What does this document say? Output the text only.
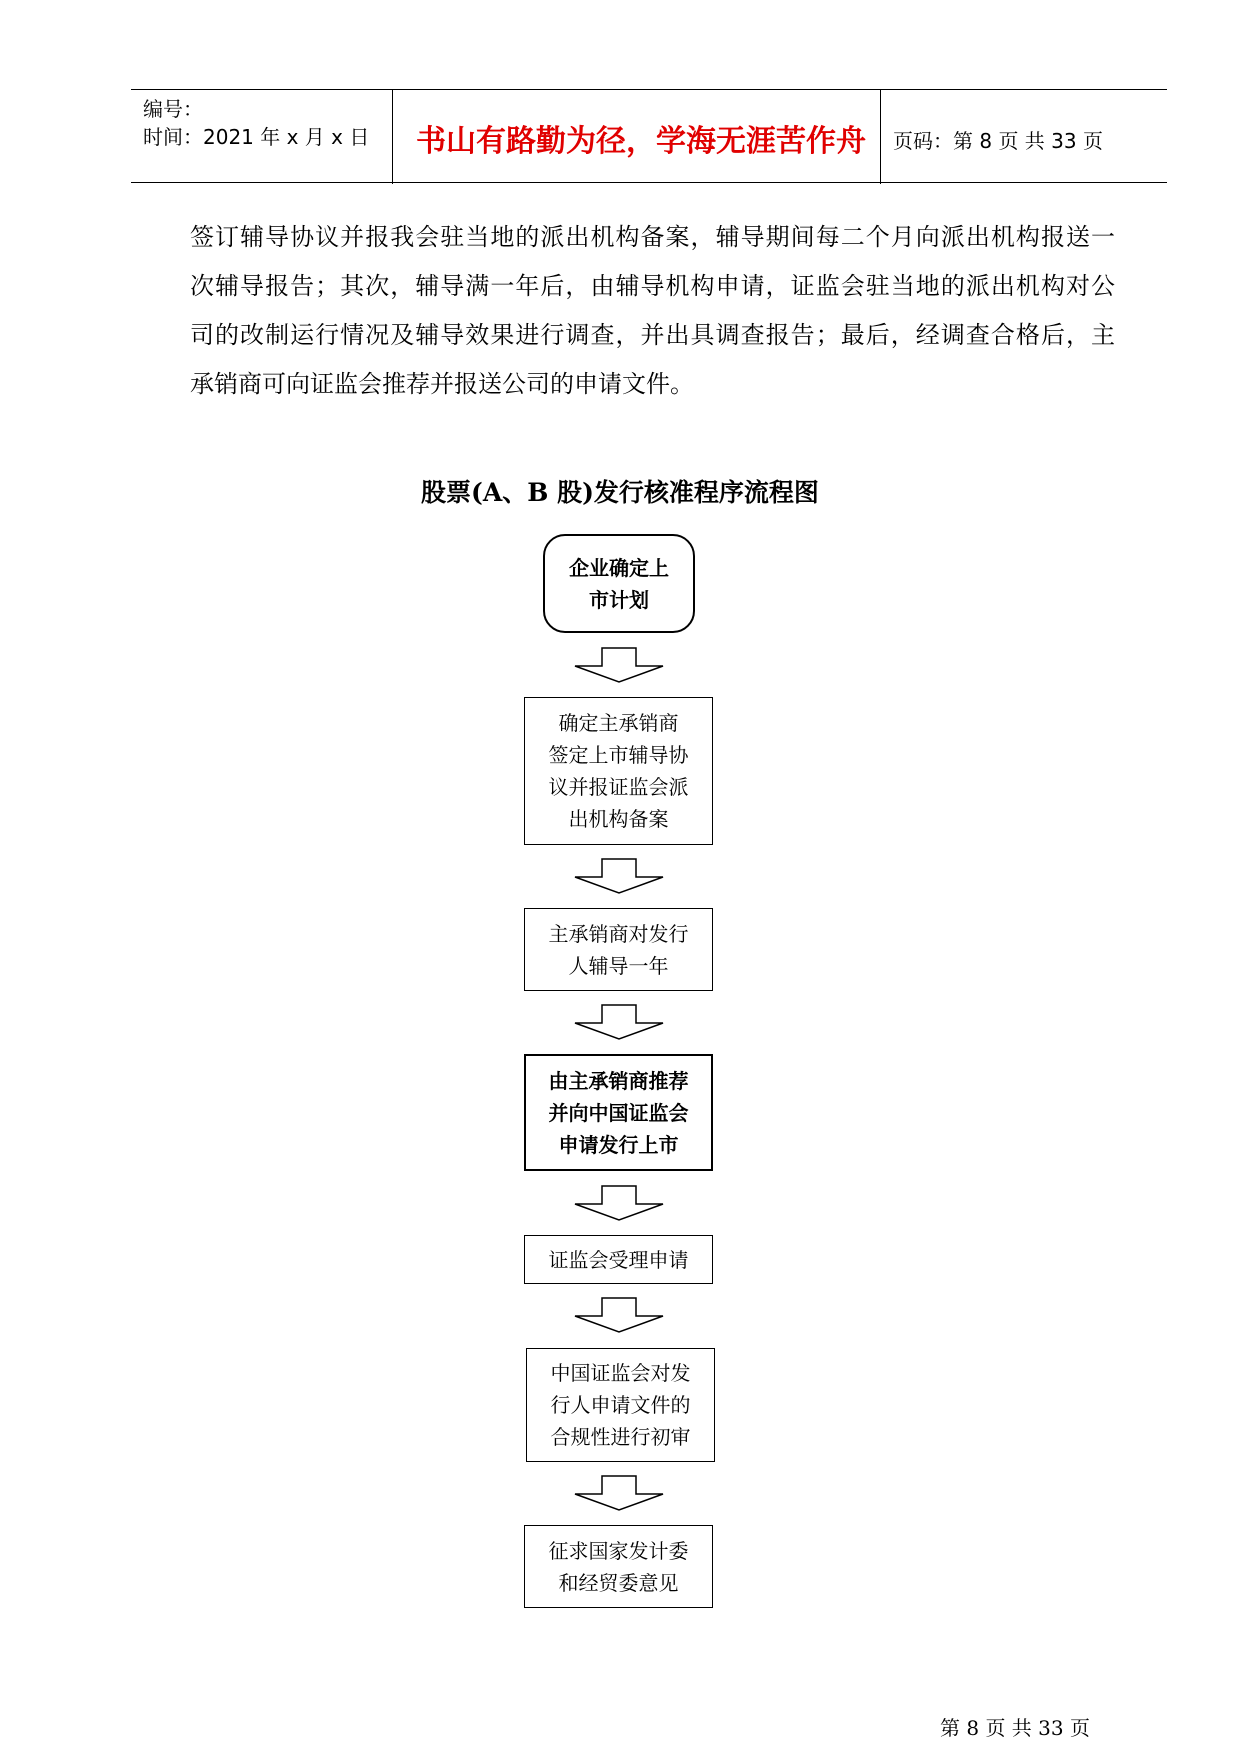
编号：
时间：2021 年 x 月 x 日	书山有路勤为径，学海无涯苦作舟	页码：第 8 页 共 33 页
签订辅导协议并报我会驻当地的派出机构备案，辅导期间每二个月向派出机构报送一
次辅导报告；其次，辅导满一年后，由辅导机构申请，证监会驻当地的派出机构对公
司的改制运行情况及辅导效果进行调查，并出具调查报告；最后，经调查合格后，主
承销商可向证监会推荐并报送公司的申请文件。
股票(A、B 股)发行核准程序流程图
企业确定上
市计划
确定主承销商
签定上市辅导协
议并报证监会派
出机构备案
主承销商对发行
人辅导一年
由主承销商推荐
并向中国证监会
申请发行上市
证监会受理申请
中国证监会对发
行人申请文件的
合规性进行初审
征求国家发计委
和经贸委意见
第 8 页 共 33 页
